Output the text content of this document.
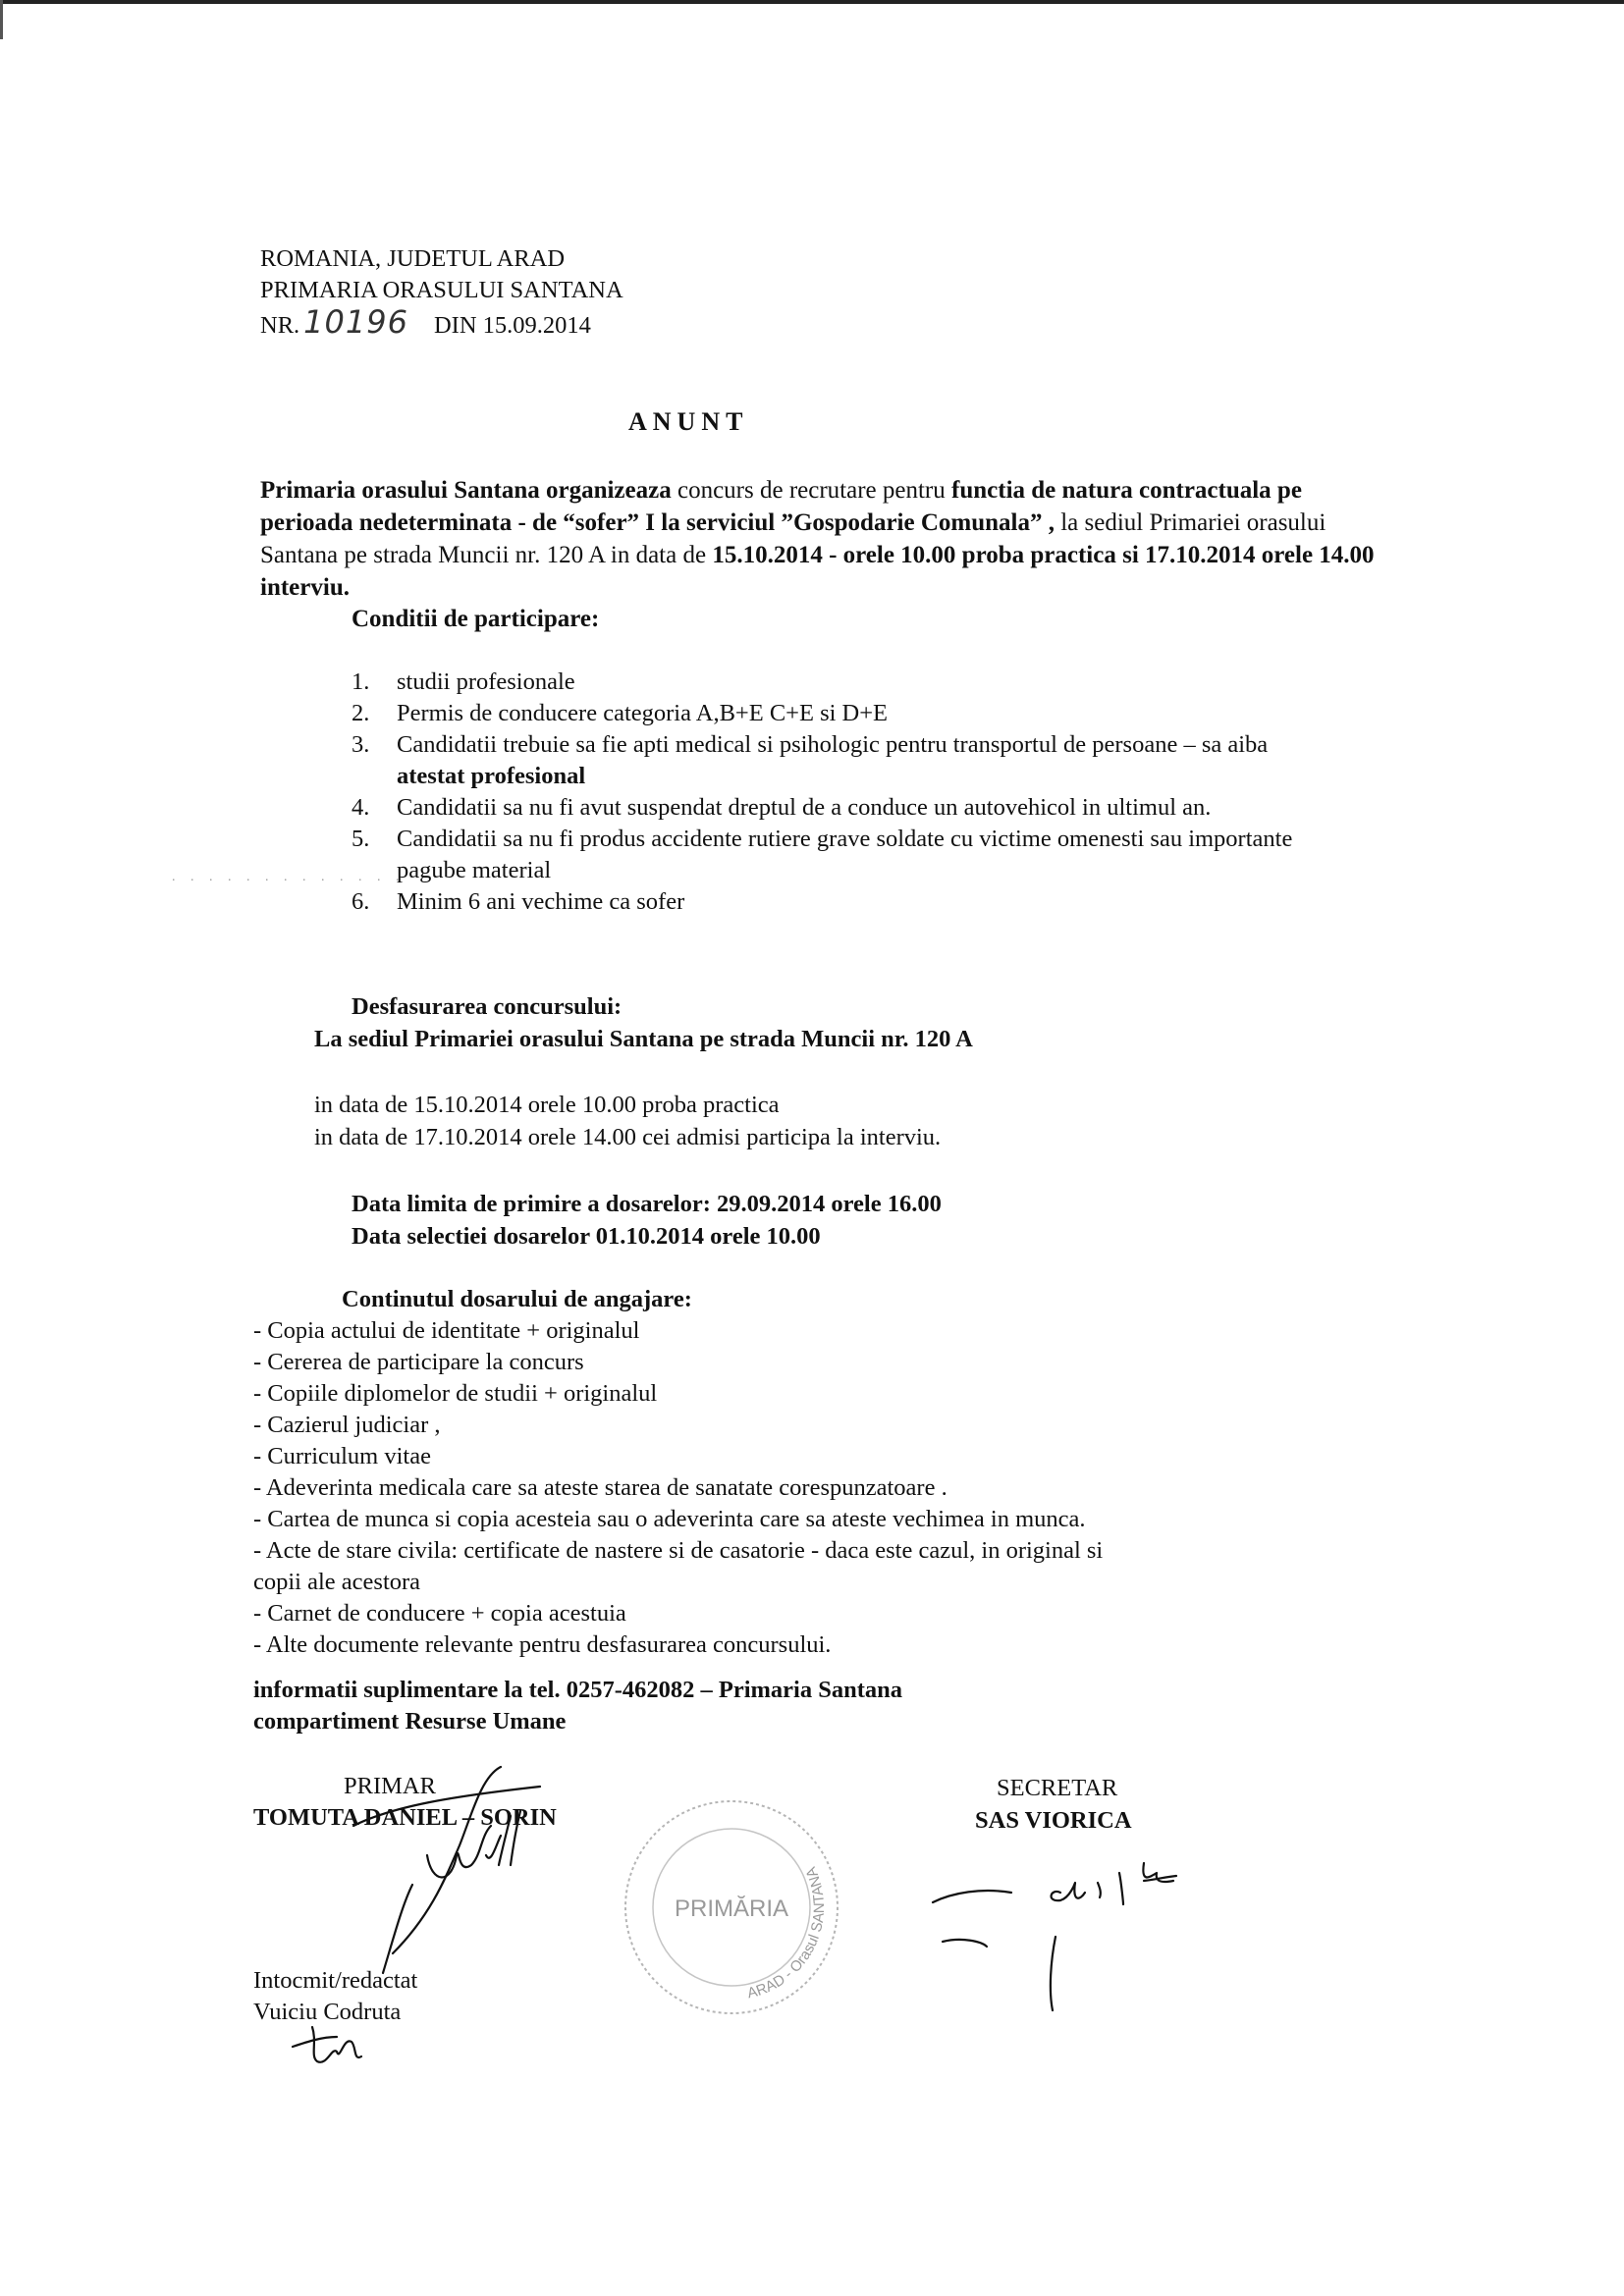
ROMANIA, JUDETUL ARAD
PRIMARIA ORASULUI SANTANA
NR. 10196 DIN 15.09.2014
ANUNT
Primaria orasului Santana organizeaza concurs de recrutare pentru functia de natura contractuala pe perioada nedeterminata - de “sofer” I la serviciul ”Gospodarie Comunala” , la sediul Primariei orasului Santana pe strada Muncii nr. 120 A in data de 15.10.2014 - orele 10.00 proba practica si 17.10.2014 orele 14.00 interviu.
Conditii de participare:
1. studii profesionale
2. Permis de conducere categoria A,B+E C+E si D+E
3. Candidatii trebuie sa fie apti medical si psihologic pentru transportul de persoane – sa aiba atestat profesional
4. Candidatii sa nu fi avut suspendat dreptul de a conduce un autovehicol in ultimul an.
5. Candidatii sa nu fi produs accidente rutiere grave soldate cu victime omenesti sau importante pagube material
6. Minim 6 ani vechime ca sofer
. . . . . . . . . . . . .
Desfasurarea concursului:
La sediul Primariei orasului Santana pe strada Muncii nr. 120 A
in data de 15.10.2014 orele 10.00 proba practica
in data de 17.10.2014 orele 14.00 cei admisi participa la interviu.
Data limita de primire a dosarelor: 29.09.2014 orele 16.00
Data selectiei dosarelor 01.10.2014 orele 10.00
Continutul dosarului de angajare:
- Copia actului de identitate + originalul
- Cererea de participare la concurs
- Copiile diplomelor de studii + originalul
- Cazierul judiciar ,
- Curriculum vitae
- Adeverinta medicala care sa ateste starea de sanatate corespunzatoare .
- Cartea de munca si copia acesteia sau o adeverinta care sa ateste vechimea in munca.
- Acte de stare civila: certificate de nastere si de casatorie - daca este cazul, in original si
copii ale acestora
- Carnet de conducere + copia acestuia
- Alte documente relevante pentru desfasurarea concursului.
informatii suplimentare la tel. 0257-462082 – Primaria Santana
compartiment Resurse Umane
PRIMAR
TOMUTA DANIEL – SORIN
SECRETAR
SAS VIORICA
Intocmit/redactat
Vuiciu Codruta
PRIMĂRIA
ARAD - Orasul SANTANA
